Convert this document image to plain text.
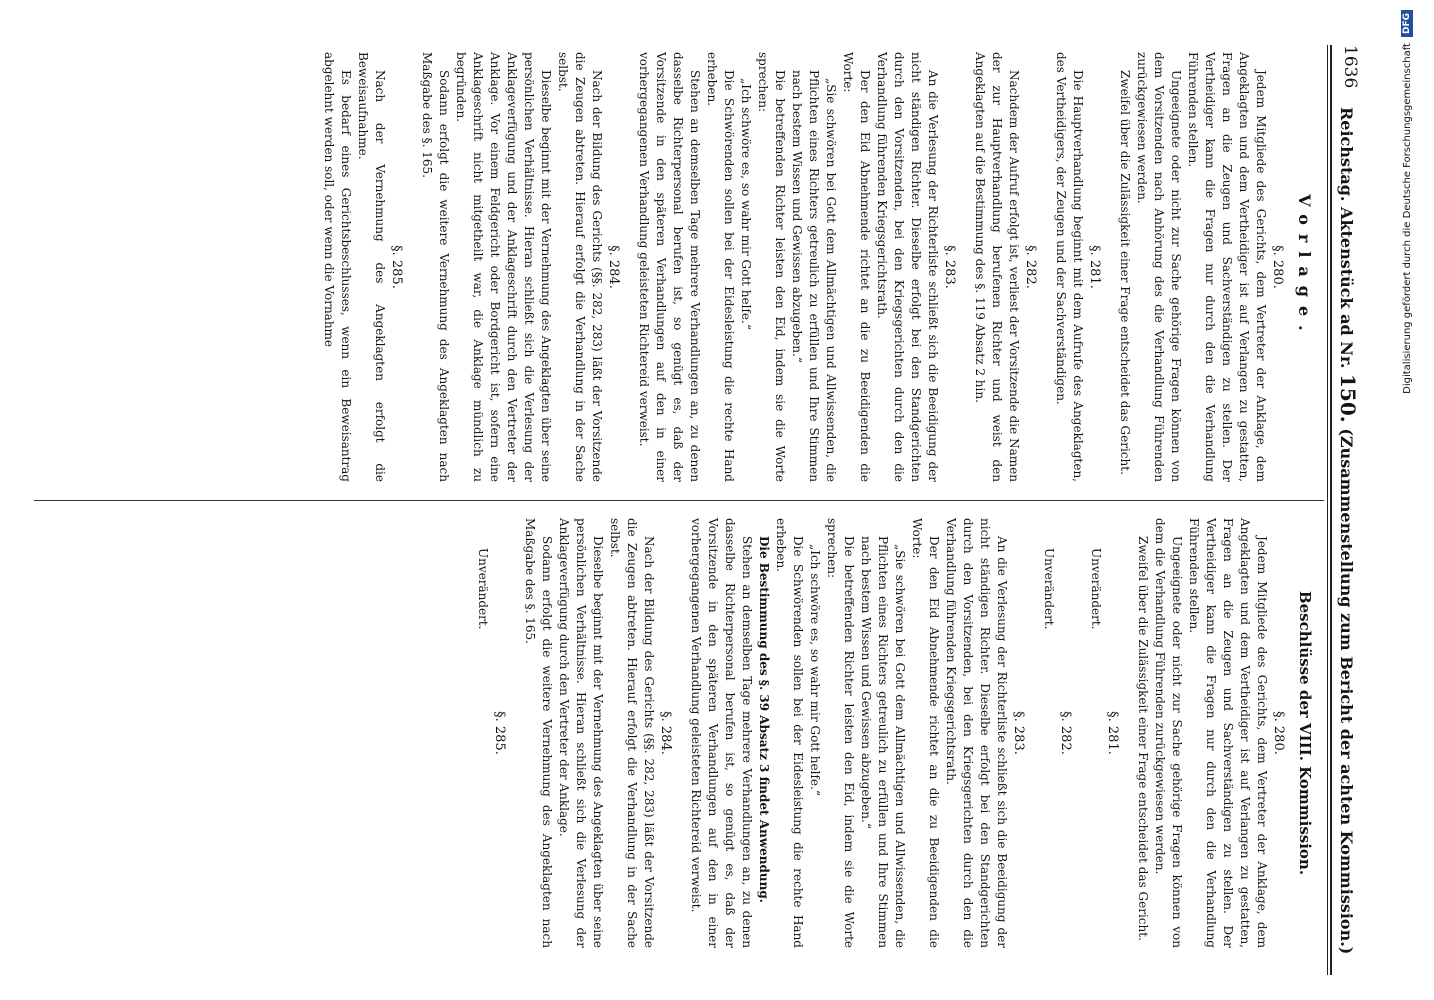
1636
Reichstag. Aktenstück ad Nr. 150. (Zusammenstellung zum Bericht der achten Kommission.)
Vorlage.
§. 280.

Jedem Mitgliede des Gerichts, dem Vertreter der Anklage, dem Angeklagten und dem Vertheidiger ist auf Verlangen zu gestatten, Fragen an die Zeugen und Sachverständigen zu stellen. Der Vertheidiger kann die Fragen nur durch den die Verhandlung Führenden stellen.

Ungeeignete oder nicht zur Sache gehörige Fragen können von dem Vorsitzenden nach Anhörung des die Verhandlung Führenden zurückgewiesen werden.

Zweifel über die Zulässigkeit einer Frage entscheidet das Gericht.

§. 281.

Die Hauptverhandlung beginnt mit dem Aufrufe des Angeklagten, des Vertheidigers, der Zeugen und der Sachverständigen.

§. 282.

Nachdem der Aufruf erfolgt ist, verliest der Vorsitzende die Namen der zur Hauptverhandlung berufenen Richter und weist den Angeklagten auf die Bestimmung des §. 119 Absatz 2 hin.

§. 283.

An die Verlesung der Richterliste schließt sich die Beeidigung der nicht ständigen Richter. Dieselbe erfolgt bei den Standgerichten durch den Vorsitzenden, bei den Kriegsgerichten durch den die Verhandlung führenden Kriegsgerichtsrath.

Der den Eid Abnehmende richtet an die zu Beeidigenden die Worte:

„Sie schwören bei Gott dem Allmächtigen und Allwissenden, die Pflichten eines Richters getreulich zu erfüllen und Ihre Stimmen nach bestem Wissen und Gewissen abzugeben.“

Die betreffenden Richter leisten den Eid, indem sie die Worte sprechen:

„Ich schwöre es, so wahr mir Gott helfe.“

Die Schwörenden sollen bei der Eidesleistung die rechte Hand erheben.

Stehen an demselben Tage mehrere Verhandlungen an, zu denen dasselbe Richterpersonal berufen ist, so genügt es, daß der Vorsitzende in den späteren Verhandlungen auf den in einer vorhergegangenen Verhandlung geleisteten Richtereid verweist.

§. 284.

Nach der Bildung des Gerichts (§§. 282, 283) läßt der Vorsitzende die Zeugen abtreten. Hierauf erfolgt die Verhandlung in der Sache selbst.

Dieselbe beginnt mit der Vernehmung des Angeklagten über seine persönlichen Verhältnisse. Hieran schließt sich die Verlesung der Anklageverfügung und der Anklageschrift durch den Vertreter der Anklage. Vor einem Feldgericht oder Bordgericht ist, sofern eine Anklageschrift nicht mitgetheilt war, die Anklage mündlich zu begründen.

Sodann erfolgt die weitere Vernehmung des Angeklagten nach Maßgabe des §. 165.

§. 285.

Nach der Vernehmung des Angeklagten erfolgt die Beweisaufnahme.

Es bedarf eines Gerichtsbeschlusses, wenn ein Beweisantrag abgelehnt werden soll, oder wenn die Vornahme

Beschlüsse der VIII. Kommission.
§. 280.

Jedem Mitgliede des Gerichts, dem Vertreter der Anklage, dem Angeklagten und dem Vertheidiger ist auf Verlangen zu gestatten, Fragen an die Zeugen und Sachverständigen zu stellen. Der Vertheidiger kann die Fragen nur durch den die Verhandlung Führenden stellen.

Ungeeignete oder nicht zur Sache gehörige Fragen können von dem die Verhandlung Führenden zurückgewiesen werden.

Zweifel über die Zulässigkeit einer Frage entscheidet das Gericht.

§. 281.
Unverändert.
§. 282.
Unverändert.
§. 283.

An die Verlesung der Richterliste schließt sich die Beeidigung der nicht ständigen Richter. Dieselbe erfolgt bei den Standgerichten durch den Vorsitzenden, bei den Kriegsgerichten durch den die Verhandlung führenden Kriegsgerichtsrath.

Der den Eid Abnehmende richtet an die zu Beeidigenden die Worte:

„Sie schwören bei Gott dem Allmächtigen und Allwissenden, die Pflichten eines Richters getreulich zu erfüllen und Ihre Stimmen nach bestem Wissen und Gewissen abzugeben.“

Die betreffenden Richter leisten den Eid, indem sie die Worte sprechen:

„Ich schwöre es, so wahr mir Gott helfe.“

Die Schwörenden sollen bei der Eidesleistung die rechte Hand erheben.

Die Bestimmung des §. 39 Absatz 3 findet Anwendung.

Stehen an demselben Tage mehrere Verhandlungen an, zu denen dasselbe Richterpersonal berufen ist, so genügt es, daß der Vorsitzende in den späteren Verhandlungen auf den in einer vorhergegangenen Verhandlung geleisteten Richtereid verweist.

§. 284.

Nach der Bildung des Gerichts (§§. 282, 283) läßt der Vorsitzende die Zeugen abtreten. Hierauf erfolgt die Verhandlung in der Sache selbst.

Dieselbe beginnt mit der Vernehmung des Angeklagten über seine persönlichen Verhältnisse. Hieran schließt sich die Verlesung der Anklageverfügung durch den Vertreter der Anklage.

Sodann erfolgt die weitere Vernehmung des Angeklagten nach Maßgabe des §. 165.

§. 285.
Unverändert.
Digitalisierung gefördert durch die Deutsche ForschungsgemeinschaftDFG
